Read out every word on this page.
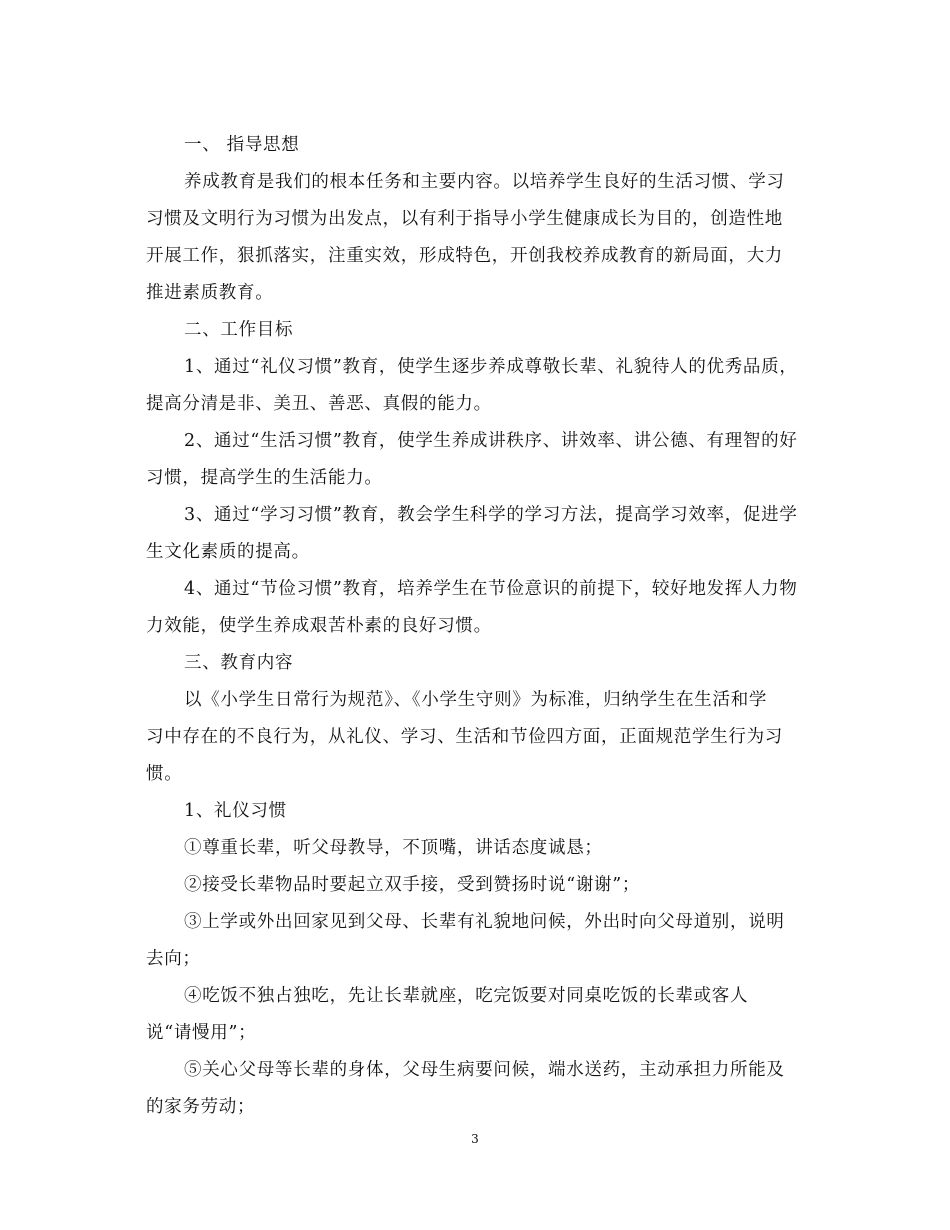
一、 指导思想

养成教育是我们的根本任务和主要内容。以培养学生良好的生活习惯、学习
习惯及文明行为习惯为出发点，以有利于指导小学生健康成长为目的，创造性地
开展工作，狠抓落实，注重实效，形成特色，开创我校养成教育的新局面，大力
推进素质教育。

二、工作目标

1、通过“礼仪习惯”教育，使学生逐步养成尊敬长辈、礼貌待人的优秀品质，
提高分清是非、美丑、善恶、真假的能力。

2、通过“生活习惯”教育，使学生养成讲秩序、讲效率、讲公德、有理智的好
习惯，提高学生的生活能力。

3、通过“学习习惯”教育，教会学生科学的学习方法，提高学习效率，促进学
生文化素质的提高。

4、通过“节俭习惯”教育，培养学生在节俭意识的前提下，较好地发挥人力物
力效能，使学生养成艰苦朴素的良好习惯。

三、教育内容

以《小学生日常行为规范》、《小学生守则》为标准，归纳学生在生活和学
习中存在的不良行为，从礼仪、学习、生活和节俭四方面，正面规范学生行为习
惯。

1、礼仪习惯

①尊重长辈，听父母教导，不顶嘴，讲话态度诚恳；

②接受长辈物品时要起立双手接，受到赞扬时说“谢谢”；

③上学或外出回家见到父母、长辈有礼貌地问候，外出时向父母道别，说明
去向；

④吃饭不独占独吃，先让长辈就座，吃完饭要对同桌吃饭的长辈或客人
说“请慢用”；

⑤关心父母等长辈的身体，父母生病要问候，端水送药，主动承担力所能及
的家务劳动；

3
